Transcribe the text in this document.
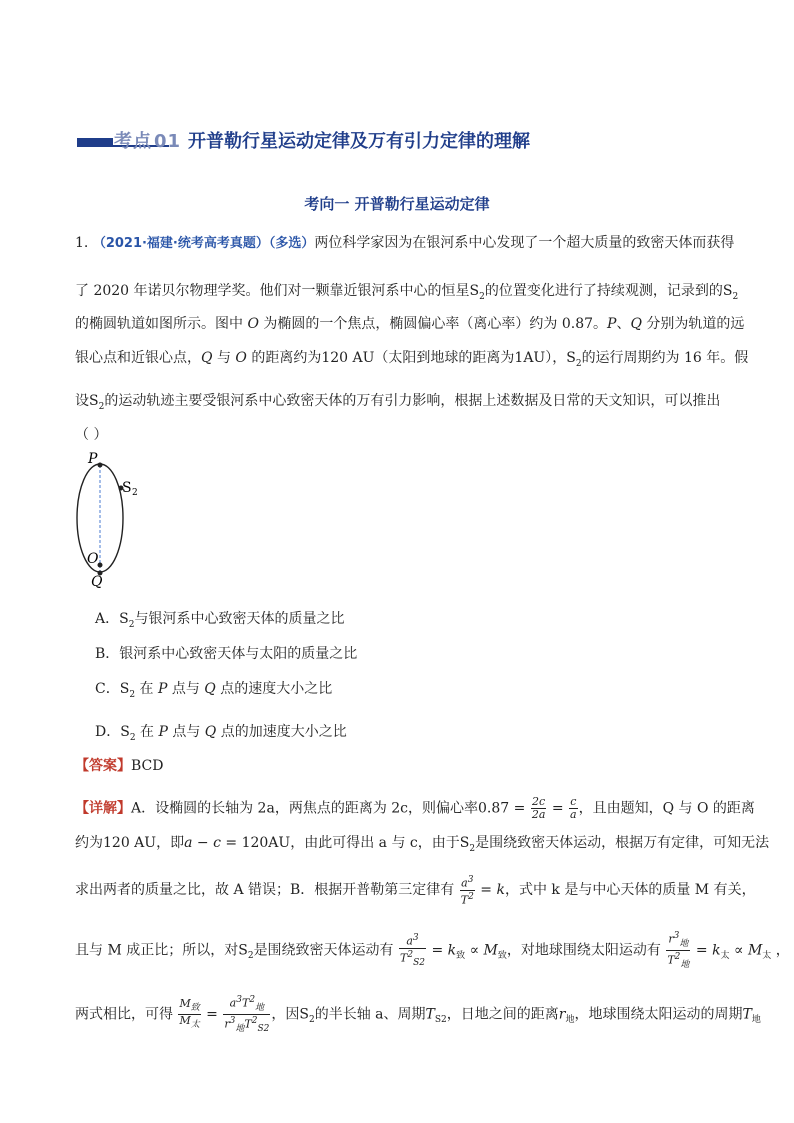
考点 01 开普勒行星运动定律及万有引力定律的理解
考向一 开普勒行星运动定律
1. （2021·福建·统考高考真题）（多选）两位科学家因为在银河系中心发现了一个超大质量的致密天体而获得
了 2020 年诺贝尔物理学奖。他们对一颗靠近银河系中心的恒星$S_2$的位置变化进行了持续观测，记录到的$S_2$
的椭圆轨道如图所示。图中 O 为椭圆的一个焦点，椭圆偏心率（离心率）约为 0.87。P、Q 分别为轨道的远
银心点和近银心点，Q 与 O 的距离约为120 AU（太阳到地球的距离为1AU），$S_2$的运行周期约为 16 年。假
设$S_2$的运动轨迹主要受银河系中心致密天体的万有引力影响，根据上述数据及日常的天文知识，可以推出
（ ）
P
S 2
O
Q
A．$S_2$与银河系中心致密天体的质量之比
B．银河系中心致密天体与太阳的质量之比
C．$S_2$ 在 P 点与 Q 点的速度大小之比
D．$S_2$ 在 P 点与 Q 点的加速度大小之比
【答案】BCD
【详解】A．设椭圆的长轴为 2a，两焦点的距离为 2c，则偏心率$0.87 = \frac{2c}{2a} = \frac{c}{a}$ ，且由题知，Q 与 O 的距离
约为120 AU，即a − c = 120AU，由此可得出 a 与 c，由于$S_2$是围绕致密天体运动，根据万有定律，可知无法
求出两者的质量之比，故 A 错误；B．根据开普勒第三定律有 $\frac{a^3}{T^2} = k$，式中 k 是与中心天体的质量 M 有关，
且与 M 成正比；所以，对$S_2$是围绕致密天体运动有 $\frac{a^3}{T^2_{S2}} = k_致 \propto M_致$，对地球围绕太阳运动有 $\frac{r^3_地}{T^2_地} = k_太 \propto M_太$ ，
两式相比，可得 $\frac{M_致}{M_太} = \frac{a^3T^2_地}{r^3_地T^2_{S2}}$ ，因$S_2$的半长轴 a、周期$T_{S2}$，日地之间的距离$r_地$，地球围绕太阳运动的周期$T_地$
